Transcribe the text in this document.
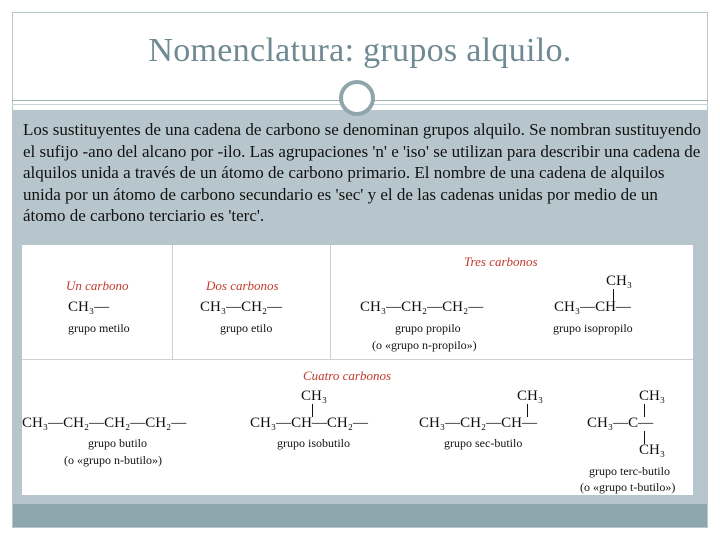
Nomenclatura: grupos alquilo.
Los sustituyentes de una cadena de carbono se denominan grupos alquilo. Se nombran sustituyendo el sufijo -ano del alcano por -ilo. Las agrupaciones 'n' e 'iso' se utilizan para describir una cadena de alquilos unida a través de un átomo de carbono primario. El nombre de una cadena de alquilos unida por un átomo de carbono secundario es 'sec' y el de las cadenas unidas por medio de un átomo de carbono terciario es 'terc'.
Un carbono	Dos carbonos
Tres carbonos
Cuatro carbonos
CH₃—
grupo metilo
CH₃—CH₂—
grupo etilo
CH₃—CH₂—CH₂—
grupo propilo
(o «grupo n-propilo»)
CH₃
CH₃—CH—
grupo isopropilo
CH₃—CH₂—CH₂—CH₂—
grupo butilo
(o «grupo n-butilo»)
CH₃
CH₃—CH—CH₂—
grupo isobutilo
CH₃
CH₃—CH₂—CH—
grupo sec-butilo
CH₃
CH₃—C—
CH₃
grupo terc-butilo
(o «grupo t-butilo»)
